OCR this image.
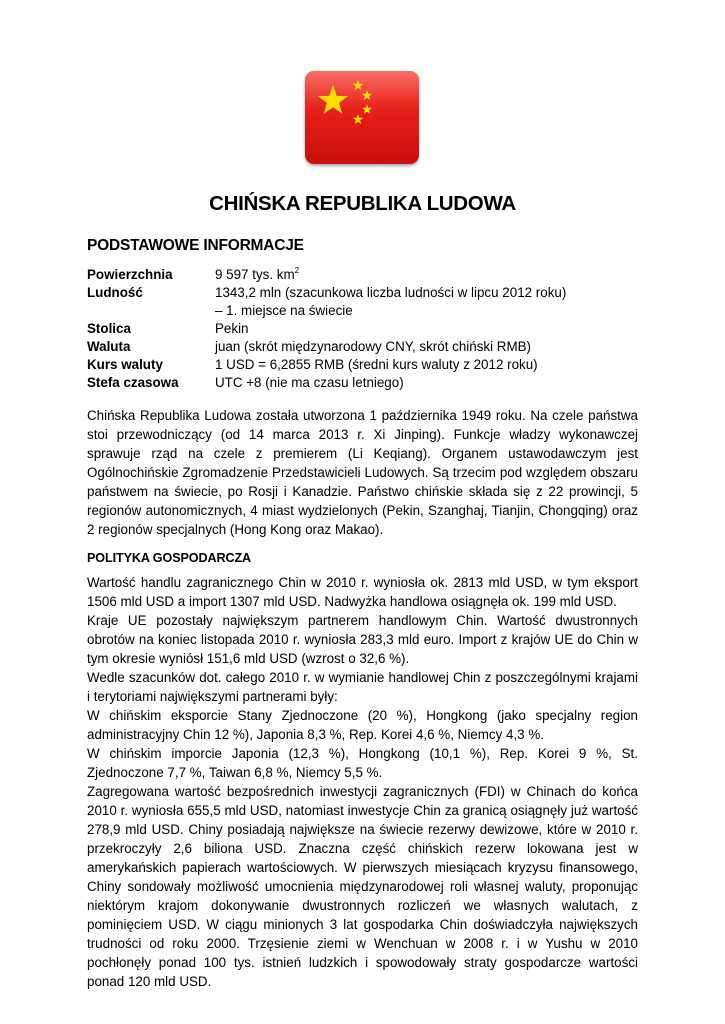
CHIŃSKA REPUBLIKA LUDOWA
PODSTAWOWE INFORMACJE
Powierzchnia	9 597 tys. $km^2$
Ludność	1343,2 mln (szacunkowa liczba ludności w lipcu 2012 roku)
– 1. miejsce na świecie
Stolica	Pekin
Waluta	juan (skrót międzynarodowy CNY, skrót chiński RMB)
Kurs waluty	1 USD = 6,2855 RMB (średni kurs waluty z 2012 roku)
Stefa czasowa	UTC +8 (nie ma czasu letniego)

Chińska Republika Ludowa została utworzona 1 października 1949 roku. Na czele państwa stoi przewodniczący (od 14 marca 2013 r. Xi Jinping). Funkcje władzy wykonawczej sprawuje rząd na czele z premierem (Li Keqiang). Organem ustawodawczym jest Ogólnochińskie Zgromadzenie Przedstawicieli Ludowych. Są trzecim pod względem obszaru państwem na świecie, po Rosji i Kanadzie. Państwo chińskie składa się z 22 prowincji, 5 regionów autonomicznych, 4 miast wydzielonych (Pekin, Szanghaj, Tianjin, Chongqing) oraz 2 regionów specjalnych (Hong Kong oraz Makao).

POLITYKA GOSPODARCZA

Wartość handlu zagranicznego Chin w 2010 r. wyniosła ok. 2813 mld USD, w tym eksport 1506 mld USD a import 1307 mld USD. Nadwyżka handlowa osiągnęła ok. 199 mld USD.

Kraje UE pozostały największym partnerem handlowym Chin. Wartość dwustronnych obrotów na koniec listopada 2010 r. wyniosła 283,3 mld euro. Import z krajów UE do Chin w tym okresie wyniósł 151,6 mld USD (wzrost o 32,6 %).

Wedle szacunków dot. całego 2010 r. w wymianie handlowej Chin z poszczególnymi krajami i terytoriami największymi partnerami były:

W chińskim eksporcie Stany Zjednoczone (20 %), Hongkong (jako specjalny region administracyjny Chin 12 %), Japonia 8,3 %, Rep. Korei 4,6 %, Niemcy 4,3 %.

W chińskim imporcie Japonia (12,3 %), Hongkong (10,1 %), Rep. Korei 9 %, St. Zjednoczone 7,7 %, Taiwan 6,8 %, Niemcy 5,5 %.

Zagregowana wartość bezpośrednich inwestycji zagranicznych (FDI) w Chinach do końca 2010 r. wyniosła 655,5 mld USD, natomiast inwestycje Chin za granicą osiągnęły już wartość 278,9 mld USD. Chiny posiadają największe na świecie rezerwy dewizowe, które w 2010 r. przekroczyły 2,6 biliona USD. Znaczna część chińskich rezerw lokowana jest w amerykańskich papierach wartościowych. W pierwszych miesiącach kryzysu finansowego, Chiny sondowały możliwość umocnienia międzynarodowej roli własnej waluty, proponując niektórym krajom dokonywanie dwustronnych rozliczeń we własnych walutach, z pominięciem USD. W ciągu minionych 3 lat gospodarka Chin doświadczyła największych trudności od roku 2000. Trzęsienie ziemi w Wenchuan w 2008 r. i w Yushu w 2010 pochłonęły ponad 100 tys. istnień ludzkich i spowodowały straty gospodarcze wartości ponad 120 mld USD.
